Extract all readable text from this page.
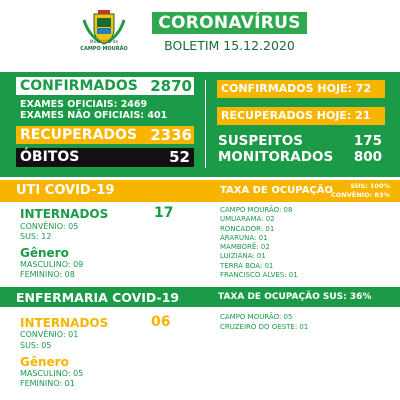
Município de
CAMPO MOURÃO
CORONAVÍRUS
BOLETIM 15.12.2020
CONFIRMADOS 2870
EXAMES OFICIAIS: 2469
EXAMES NÃO OFICIAIS: 401
RECUPERADOS 2336
ÓBITOS	52
CONFIRMADOS HOJE: 72
RECUPERADOS HOJE: 21
SUSPEITOS	175
MONITORADOS	800
UTI COVID-19	TAXA DE OCUPAÇÃO	SUS: 100%
CONVÊNIO: 83%
INTERNADOS	17
CONVÊNIO: 05
SUS: 12
Gênero
MASCULINO: 09
FEMININO: 08
CAMPO MOURÃO: 08
UMUARAMA: 02
RONCADOR: 01
ARARUNA: 01
MAMBORÊ: 02
LUIZIANA: 01
TERRA BOA: 01
FRANCISCO ALVES: 01
ENFERMARIA COVID-19	TAXA DE OCUPAÇÃO SUS: 36%
INTERNADOS	06
CONVÊNIO: 01
SUS: 05
Gênero
MASCULINO: 05
FEMININO: 01
CAMPO MOURÃO: 05
CRUZEIRO DO OESTE: 01
